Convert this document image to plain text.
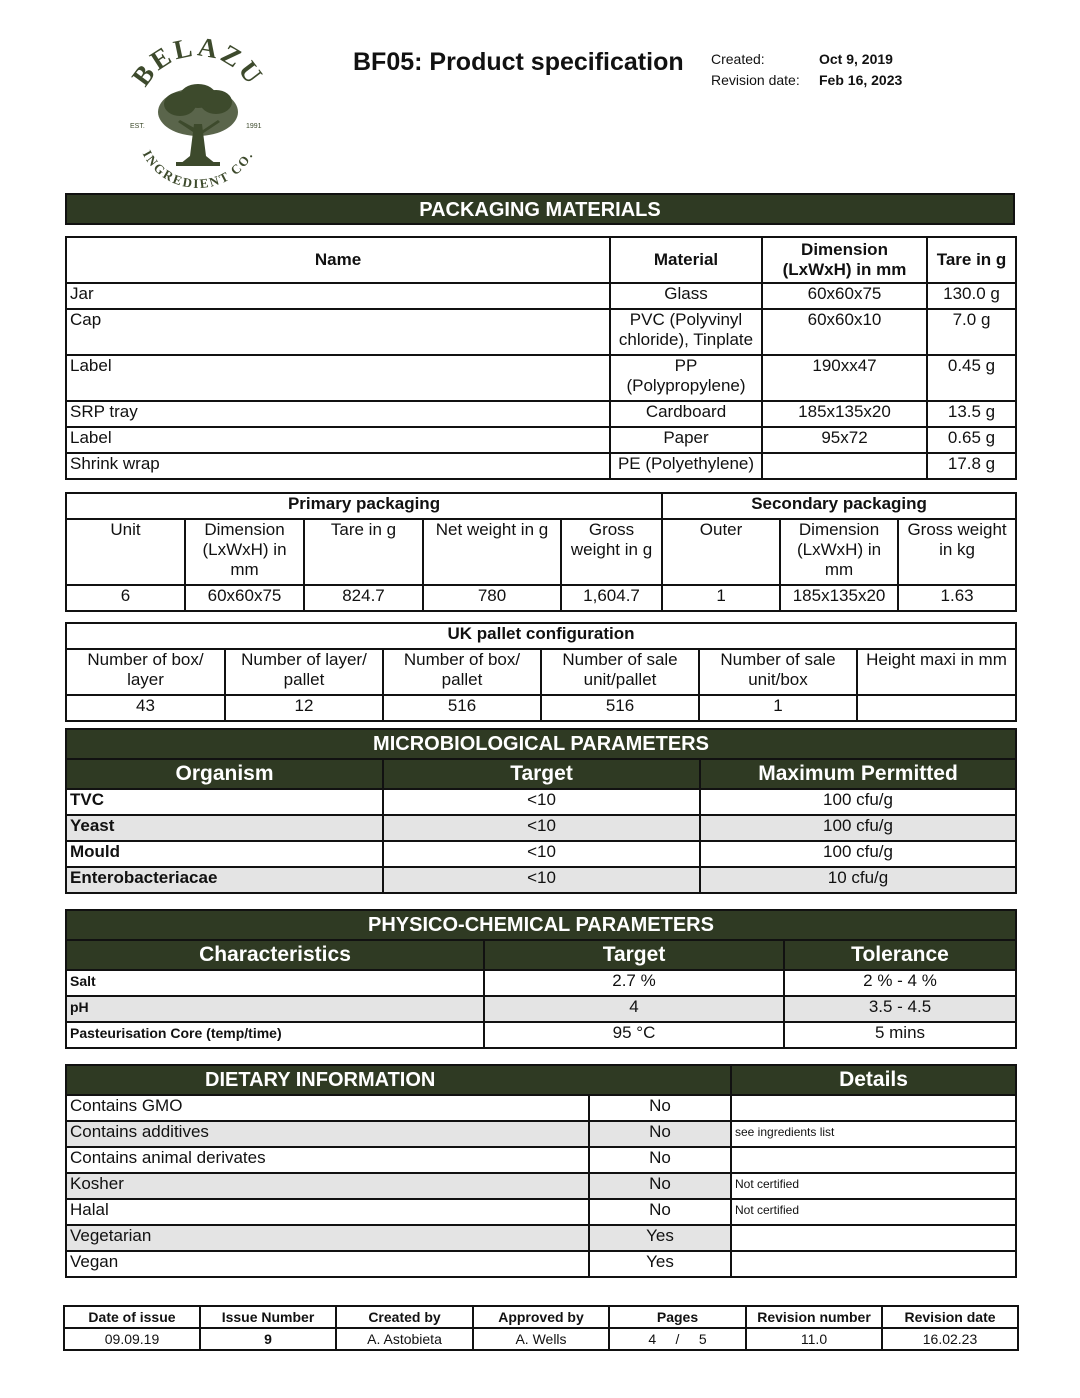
BELAZU
INGREDIENT CO.
EST.	1991
BF05: Product specification Created:	Oct 9, 2019
Revision date: Feb 16, 2023
PACKAGING MATERIALS
Name	Material	Dimension (LxWxH) in mm	Tare in g
Jar	Glass	60x60x75	130.0 g
Cap	PVC (Polyvinyl chloride), Tinplate	60x60x10	7.0 g
Label	PP (Polypropylene)	190xx47	0.45 g
SRP tray	Cardboard	185x135x20	13.5 g
Label	Paper	95x72	0.65 g
Shrink wrap	PE (Polyethylene)		17.8 g
Primary packaging					Secondary packaging		
Unit	Dimension (LxWxH) in mm	Tare in g	Net weight in g	Gross weight in g	Outer	Dimension (LxWxH) in mm	Gross weight in kg
6	60x60x75	824.7	780	1,604.7	1	185x135x20	1.63
UK pallet configuration					
Number of box/ layer	Number of layer/ pallet	Number of box/ pallet	Number of sale unit/pallet	Number of sale unit/box	Height maxi in mm
43	12	516	516	1	
MICROBIOLOGICAL PARAMETERS		
Organism	Target	Maximum Permitted
TVC	<10	100 cfu/g
Yeast	<10	100 cfu/g
Mould	<10	100 cfu/g
Enterobacteriacae	<10	10 cfu/g
PHYSICO-CHEMICAL PARAMETERS		
Characteristics	Target	Tolerance
Salt	2.7 %	2 % - 4 %
pH	4	3.5 - 4.5
Pasteurisation Core (temp/time)	95 °C	5 mins
DIETARY INFORMATION		Details
Contains GMO	No	
Contains additives	No	see ingredients list
Contains animal derivates	No	
Kosher	No	Not certified
Halal	No	Not certified
Vegetarian	Yes	
Vegan	Yes	
Date of issue	Issue Number	Created by	Approved by	Pages	Revision number	Revision date
09.09.19	9	A. Astobieta	A. Wells	4     /     5	11.0	16.02.23
